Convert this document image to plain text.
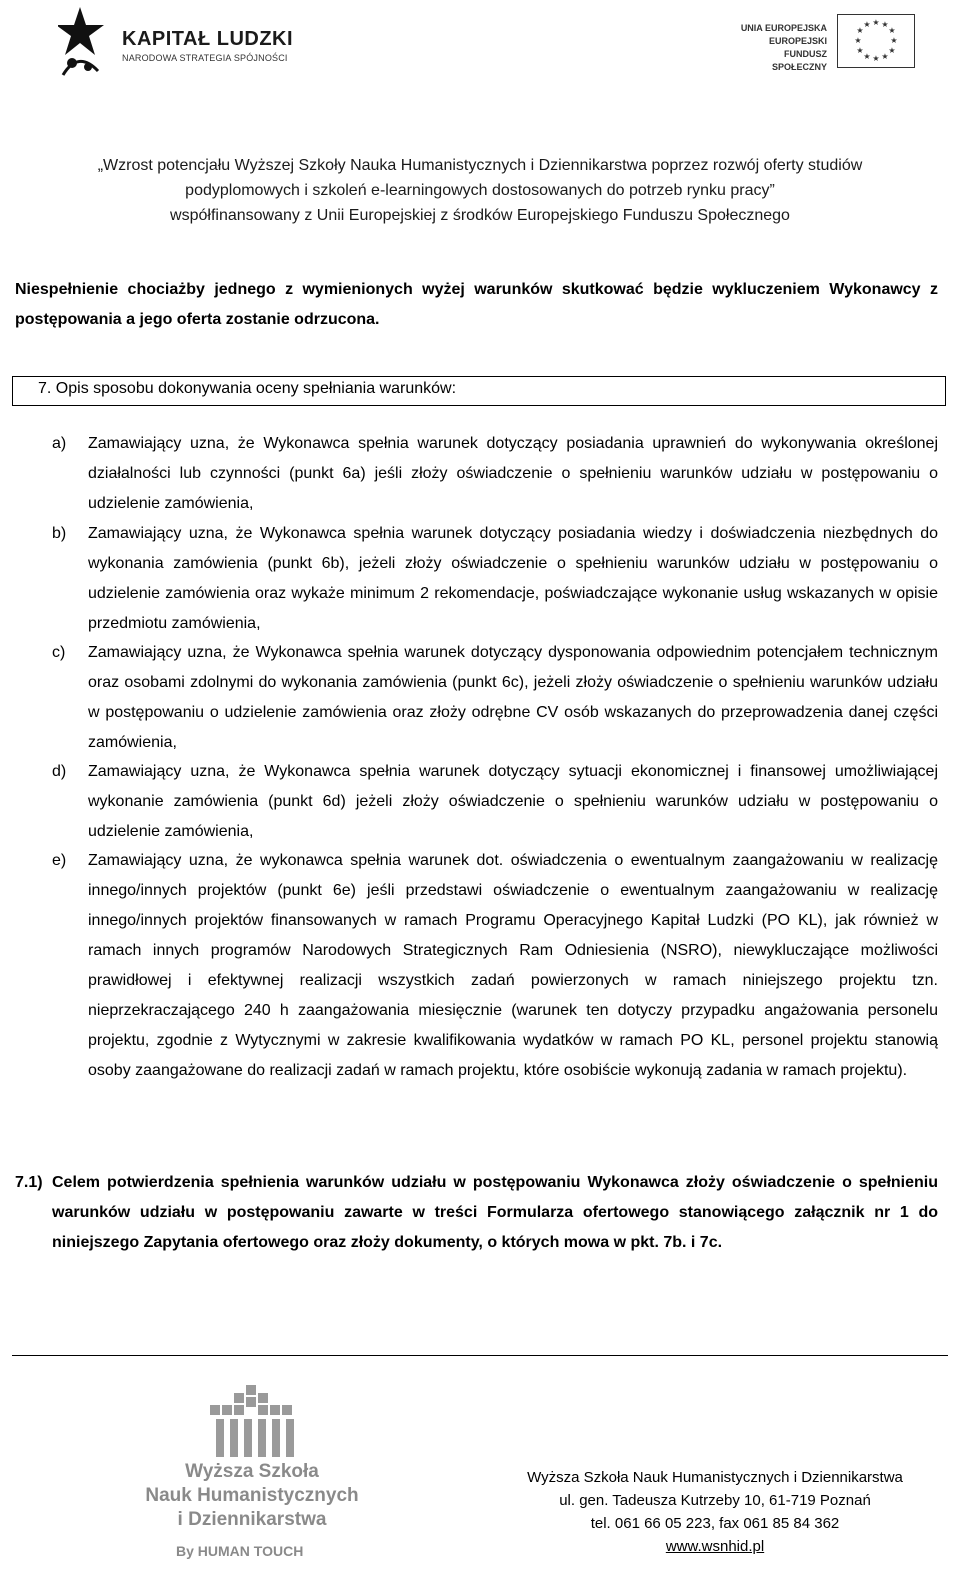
KAPITAŁ LUDZKI
NARODOWA STRATEGIA SPÓJNOŚCI
UNIA EUROPEJSKA
EUROPEJSKI
FUNDUSZ SPOŁECZNY
★ ★
★
★
★
★
★
★
★
★
★
★
„Wzrost potencjału Wyższej Szkoły Nauka Humanistycznych i Dziennikarstwa poprzez rozwój oferty studiów
podyplomowych i szkoleń e-learningowych dostosowanych do potrzeb rynku pracy”
współfinansowany z Unii Europejskiej z środków Europejskiego Funduszu Społecznego
Niespełnienie chociażby jednego z wymienionych wyżej warunków skutkować będzie wykluczeniem Wykonawcy z postępowania a jego oferta zostanie odrzucona.
7. Opis sposobu dokonywania oceny spełniania warunków:
a) Zamawiający uzna, że Wykonawca spełnia warunek dotyczący posiadania uprawnień do wykonywania określonej działalności lub czynności (punkt 6a) jeśli złoży oświadczenie o spełnieniu warunków udziału w postępowaniu o udzielenie zamówienia,
b) Zamawiający uzna, że Wykonawca spełnia warunek dotyczący posiadania wiedzy i doświadczenia niezbędnych do wykonania zamówienia (punkt 6b), jeżeli złoży oświadczenie o spełnieniu warunków udziału w postępowaniu o udzielenie zamówienia oraz wykaże minimum 2 rekomendacje, poświadczające wykonanie usług wskazanych w opisie przedmiotu zamówienia,
c) Zamawiający uzna, że Wykonawca spełnia warunek dotyczący dysponowania odpowiednim potencjałem technicznym oraz osobami zdolnymi do wykonania zamówienia (punkt 6c), jeżeli złoży oświadczenie o spełnieniu warunków udziału w postępowaniu o udzielenie zamówienia oraz złoży odrębne CV osób wskazanych do przeprowadzenia danej części zamówienia,
d) Zamawiający uzna, że Wykonawca spełnia warunek dotyczący sytuacji ekonomicznej i finansowej umożliwiającej wykonanie zamówienia (punkt 6d) jeżeli złoży oświadczenie o spełnieniu warunków udziału w postępowaniu o udzielenie zamówienia,
e) Zamawiający uzna, że wykonawca spełnia warunek dot. oświadczenia o ewentualnym zaangażowaniu w realizację innego/innych projektów (punkt 6e) jeśli przedstawi oświadczenie o ewentualnym zaangażowaniu w realizację innego/innych projektów finansowanych w ramach Programu Operacyjnego Kapitał Ludzki (PO KL), jak również w ramach innych programów Narodowych Strategicznych Ram Odniesienia (NSRO), niewykluczające możliwości prawidłowej i efektywnej realizacji wszystkich zadań powierzonych w ramach niniejszego projektu tzn. nieprzekraczającego 240 h zaangażowania miesięcznie (warunek ten dotyczy przypadku angażowania personelu projektu, zgodnie z Wytycznymi w zakresie kwalifikowania wydatków w ramach PO KL, personel projektu stanowią osoby zaangażowane do realizacji zadań w ramach projektu, które osobiście wykonują zadania w ramach projektu).
7.1) Celem potwierdzenia spełnienia warunków udziału w postępowaniu Wykonawca złoży oświadczenie o spełnieniu warunków udziału w postępowaniu zawarte w treści Formularza ofertowego stanowiącego załącznik nr 1 do niniejszego Zapytania ofertowego oraz złoży dokumenty, o których mowa w pkt. 7b. i 7c.
Wyższa Szkoła
Nauk Humanistycznych
i Dziennikarstwa
By HUMAN TOUCH
Wyższa Szkoła Nauk Humanistycznych i Dziennikarstwa
ul. gen. Tadeusza Kutrzeby 10, 61-719 Poznań
tel. 061 66 05 223, fax 061 85 84 362
www.wsnhid.pl
